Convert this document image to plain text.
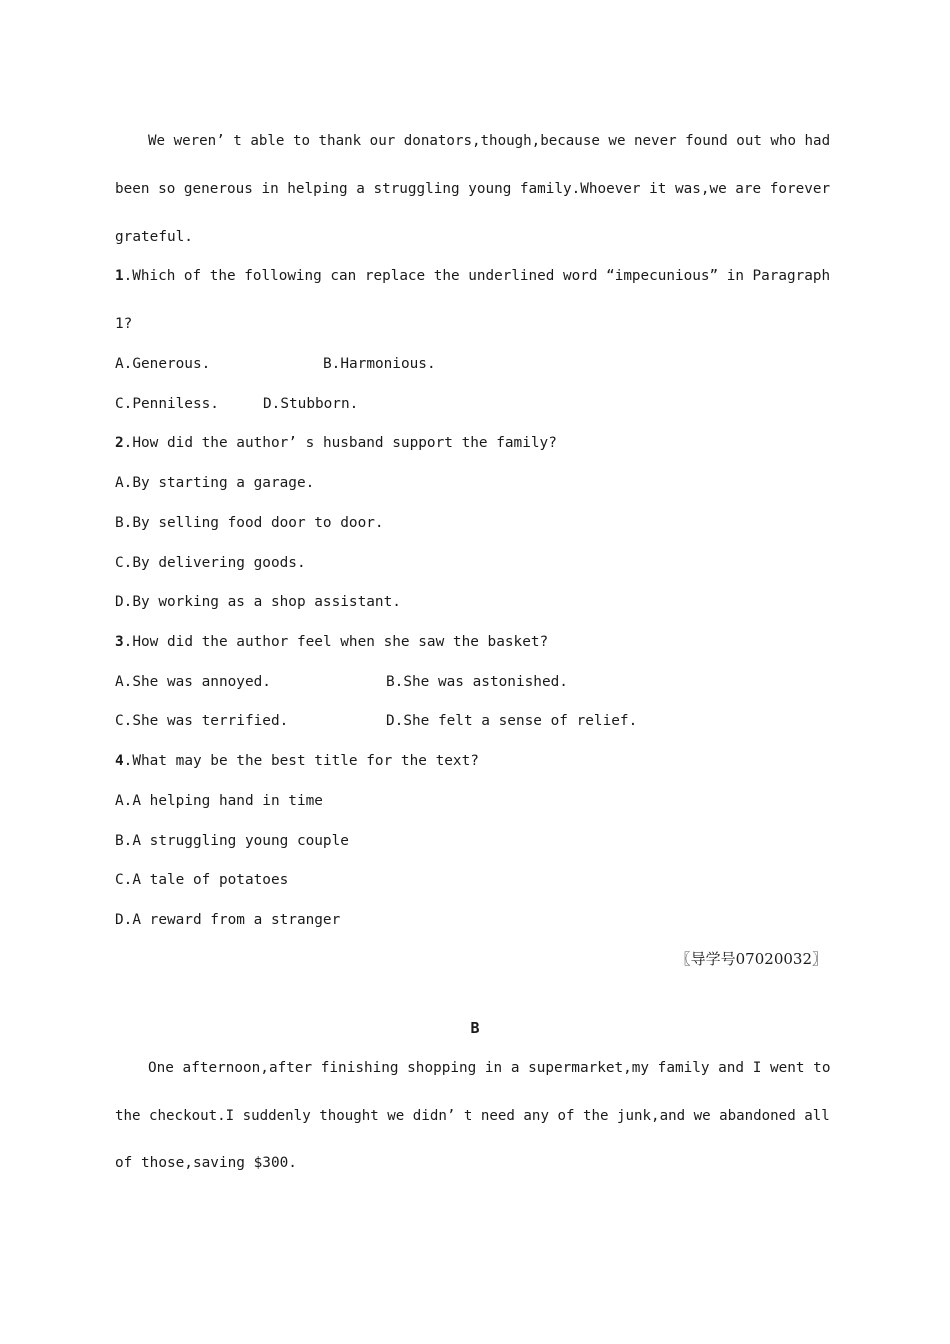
We weren’ t able to thank our donators,though,because we never found out who had
been so generous in helping a struggling young family.Whoever it was,we are forever
grateful.
1.Which of the following can replace the underlined word “impecunious” in Paragraph
1?
A.Generous.	B.Harmonious.
C.Penniless.	D.Stubborn.
2.How did the author’ s husband support the family?
A.By starting a garage.
B.By selling food door to door.
C.By delivering goods.
D.By working as a shop assistant.
3.How did the author feel when she saw the basket?
A.She was annoyed.	B.She was astonished.
C.She was terrified.	D.She felt a sense of relief.
4.What may be the best title for the text?
A.A helping hand in time
B.A struggling young couple
C.A tale of potatoes
D.A reward from a stranger
〖导学号07020032〗
B
One afternoon,after finishing shopping in a supermarket,my family and I went to
the checkout.I suddenly thought we didn’ t need any of the junk,and we abandoned all
of those,saving $300.
